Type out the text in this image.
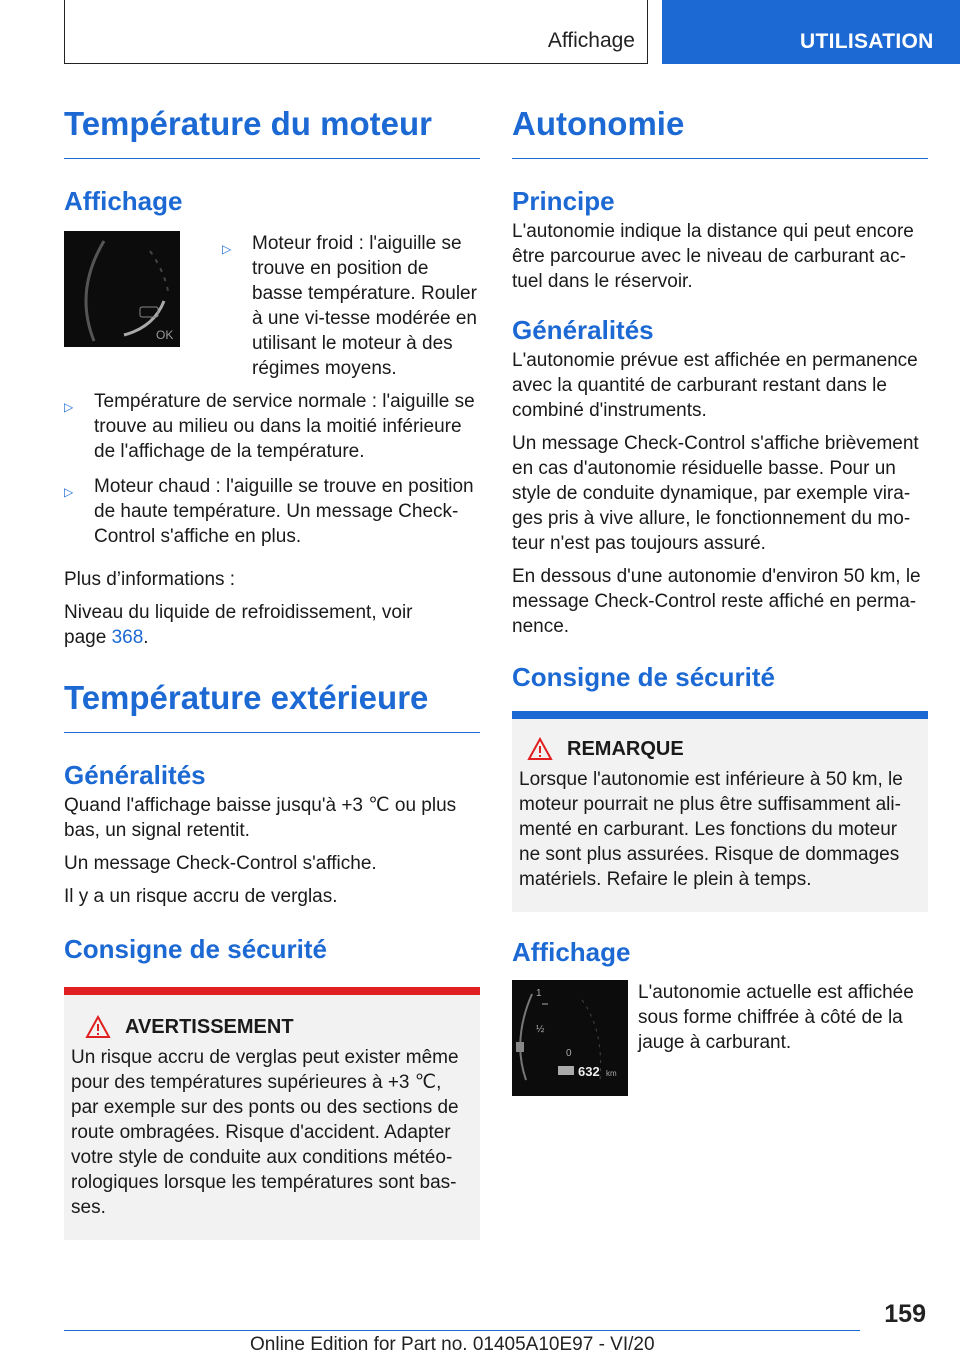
Affichage	UTILISATION
Température du moteur
Affichage
OK
▷	Moteur froid : l'aiguille se trouve en position de basse température. Rouler à une vi-tesse modérée en utilisant le moteur à des régimes moyens.
▷	Température de service normale : l'aiguille se trouve au milieu ou dans la moitié inférieure de l'affichage de la température.
▷	Moteur chaud : l'aiguille se trouve en position de haute température. Un message Check-Control s'affiche en plus.

Plus d’informations :

Niveau du liquide de refroidissement, voir
page 368.

Température extérieure
Généralités

Quand l'affichage baisse jusqu'à +3 ℃ ou plus bas, un signal retentit.

Un message Check-Control s'affiche.

Il y a un risque accru de verglas.

Consigne de sécurité
AVERTISSEMENT

Un risque accru de verglas peut exister même pour des températures supérieures à +3 ℃, par exemple sur des ponts ou des sections de route ombragées. Risque d'accident. Adapter votre style de conduite aux conditions météo-rologiques lorsque les températures sont bas-ses.

Autonomie
Principe

L'autonomie indique la distance qui peut encore être parcourue avec le niveau de carburant ac-tuel dans le réservoir.

Généralités

L'autonomie prévue est affichée en permanence avec la quantité de carburant restant dans le combiné d'instruments.

Un message Check-Control s'affiche brièvement en cas d'autonomie résiduelle basse. Pour un style de conduite dynamique, par exemple vira-ges pris à vive allure, le fonctionnement du mo-teur n'est pas toujours assuré.

En dessous d'une autonomie d'environ 50 km, le message Check-Control reste affiché en perma-nence.

Consigne de sécurité
REMARQUE

Lorsque l'autonomie est inférieure à 50 km, le moteur pourrait ne plus être suffisamment ali-menté en carburant. Les fonctions du moteur ne sont plus assurées. Risque de dommages matériels. Refaire le plein à temps.

Affichage
1
½
0
632 km

L'autonomie actuelle est affichée sous forme chiffrée à côté de la jauge à carburant.

159
Online Edition for Part no. 01405A10E97 - VI/20
